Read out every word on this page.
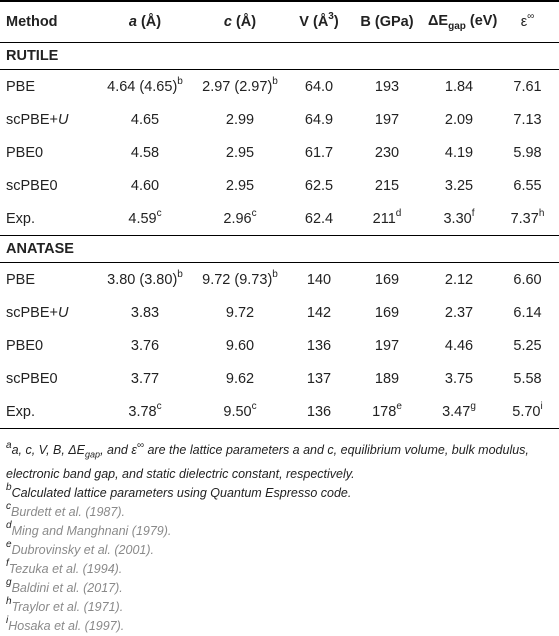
Method	a (Å)	c (Å)	V $(Å^3)$	B (GPa)	$\Delta E_{gap}$ (eV)	ε∞
RUTILE						
PBE	4.64 $(4.65)^b$	2.97 $(2.97)^b$	64.0	193	1.84	7.61
scPBE+U	4.65	2.99	64.9	197	2.09	7.13
PBE0	4.58	2.95	61.7	230	4.19	5.98
scPBE0	4.60	2.95	62.5	215	3.25	6.55
Exp.	4.59$^c$	2.96$^c$	62.4	211$^d$	3.30$^f$	7.37$^h$
ANATASE						
PBE	3.80 $(3.80)^b$	9.72 $(9.73)^b$	140	169	2.12	6.60
scPBE+U	3.83	9.72	142	169	2.37	6.14
PBE0	3.76	9.60	136	197	4.46	5.25
scPBE0	3.77	9.62	137	189	3.75	5.58
Exp.	3.78$^c$	9.50$^c$	136	178e	3.47$^g$	5.70$^i$
$^a$a, c, V, B, $\Delta E_{gap}$, and ε∞ are the lattice parameters a and c, equilibrium volume, bulk modulus, electronic band gap, and static dielectric constant, respectively.
$^b$Calculated lattice parameters using Quantum Espresso code.
$^c$Burdett et al. (1987).
$^d$Ming and Manghnani (1979).
$^e$Dubrovinsky et al. (2001).
$^f$Tezuka et al. (1994).
$^g$Baldini et al. (2017).
$^h$Traylor et al. (1971).
$^i$Hosaka et al. (1997).
